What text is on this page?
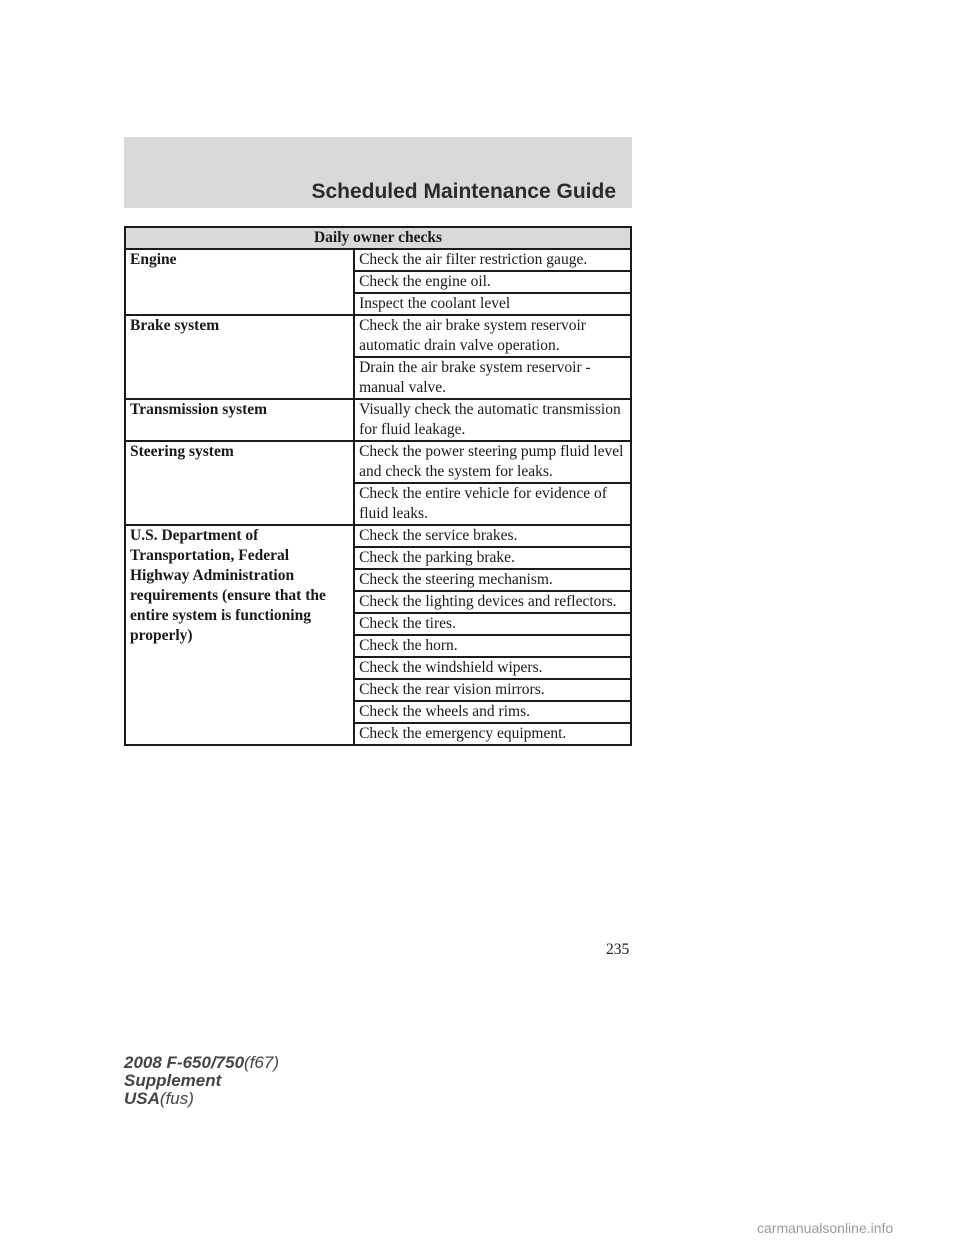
Scheduled Maintenance Guide
Daily owner checks	
Engine	Check the air filter restriction gauge.
	Check the engine oil.
	Inspect the coolant level
Brake system	Check the air brake system reservoir automatic drain valve operation.
	Drain the air brake system reservoir - manual valve.
Transmission system	Visually check the automatic transmission for fluid leakage.
Steering system	Check the power steering pump fluid level and check the system for leaks.
	Check the entire vehicle for evidence of fluid leaks.
U.S. Department of Transportation, Federal Highway Administration requirements (ensure that the entire system is functioning properly)	Check the service brakes.
	Check the parking brake.
	Check the steering mechanism.
	Check the lighting devices and reflectors.
	Check the tires.
	Check the horn.
	Check the windshield wipers.
	Check the rear vision mirrors.
	Check the wheels and rims.
	Check the emergency equipment.
235
2008 F-650/750(f67)
Supplement
USA(fus)
carmanualsonline.info
